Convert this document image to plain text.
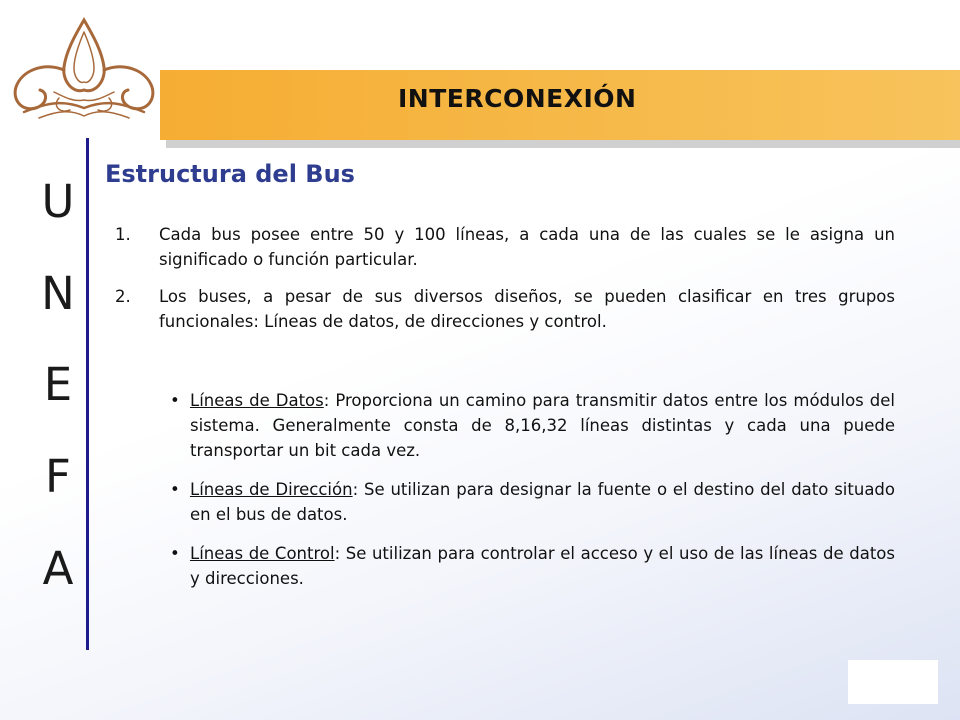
INTERCONEXIÓN
U
N
E
F
A
Estructura del Bus
1. Cada bus posee entre 50 y 100 líneas, a cada una de las cuales se le asigna un significado o función particular.
2. Los buses, a pesar de sus diversos diseños, se pueden clasificar en tres grupos funcionales: Líneas de datos, de direcciones y control.
• Líneas de Datos: Proporciona un camino para transmitir datos entre los módulos del sistema. Generalmente consta de 8,16,32 líneas distintas y cada una puede transportar un bit cada vez.
• Líneas de Dirección: Se utilizan para designar la fuente o el destino del dato situado en el bus de datos.
• Líneas de Control: Se utilizan para controlar el acceso y el uso de las líneas de datos y direcciones.
